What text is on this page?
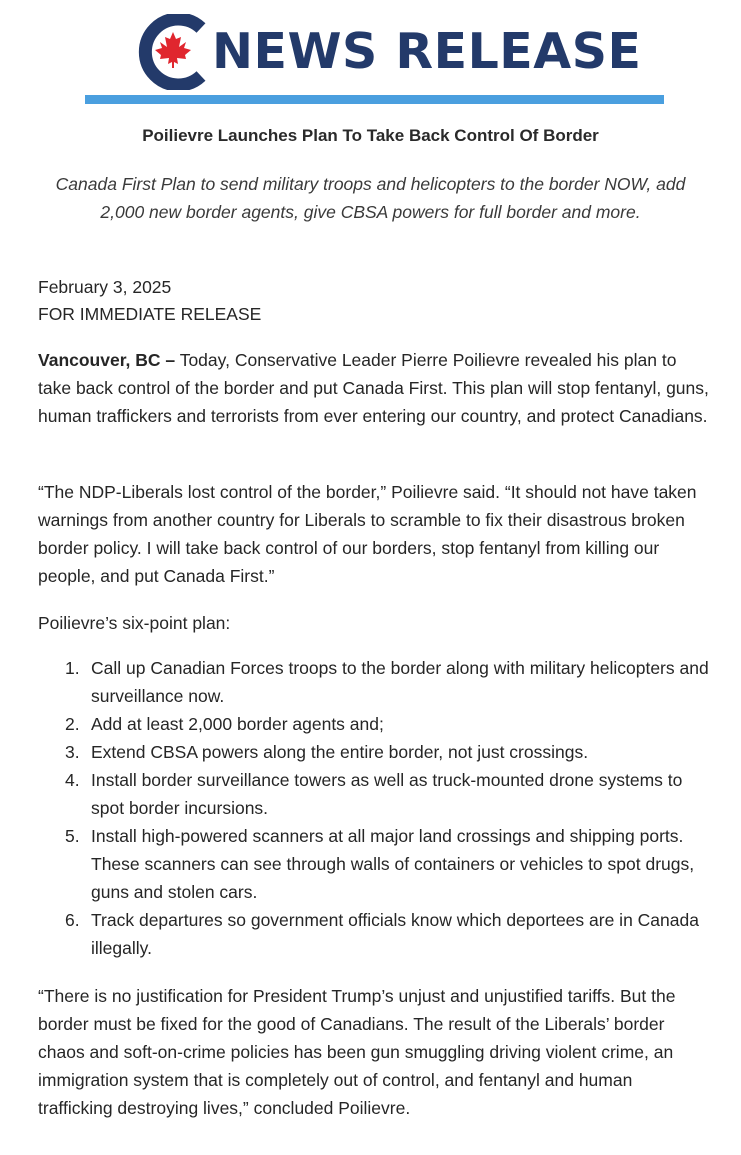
NEWS RELEASE
Poilievre Launches Plan To Take Back Control Of Border
Canada First Plan to send military troops and helicopters to the border NOW, add 2,000 new border agents, give CBSA powers for full border and more.
February 3, 2025
FOR IMMEDIATE RELEASE
Vancouver, BC – Today, Conservative Leader Pierre Poilievre revealed his plan to take back control of the border and put Canada First. This plan will stop fentanyl, guns, human traffickers and terrorists from ever entering our country, and protect Canadians.
“The NDP-Liberals lost control of the border,” Poilievre said. “It should not have taken warnings from another country for Liberals to scramble to fix their disastrous broken border policy. I will take back control of our borders, stop fentanyl from killing our people, and put Canada First.”
Poilievre’s six-point plan:
1. Call up Canadian Forces troops to the border along with military helicopters and surveillance now.
2. Add at least 2,000 border agents and;
3. Extend CBSA powers along the entire border, not just crossings.
4. Install border surveillance towers as well as truck-mounted drone systems to spot border incursions.
5. Install high-powered scanners at all major land crossings and shipping ports. These scanners can see through walls of containers or vehicles to spot drugs, guns and stolen cars.
6. Track departures so government officials know which deportees are in Canada illegally.
“There is no justification for President Trump’s unjust and unjustified tariffs. But the border must be fixed for the good of Canadians. The result of the Liberals’ border chaos and soft-on-crime policies has been gun smuggling driving violent crime, an immigration system that is completely out of control, and fentanyl and human trafficking destroying lives,” concluded Poilievre.
